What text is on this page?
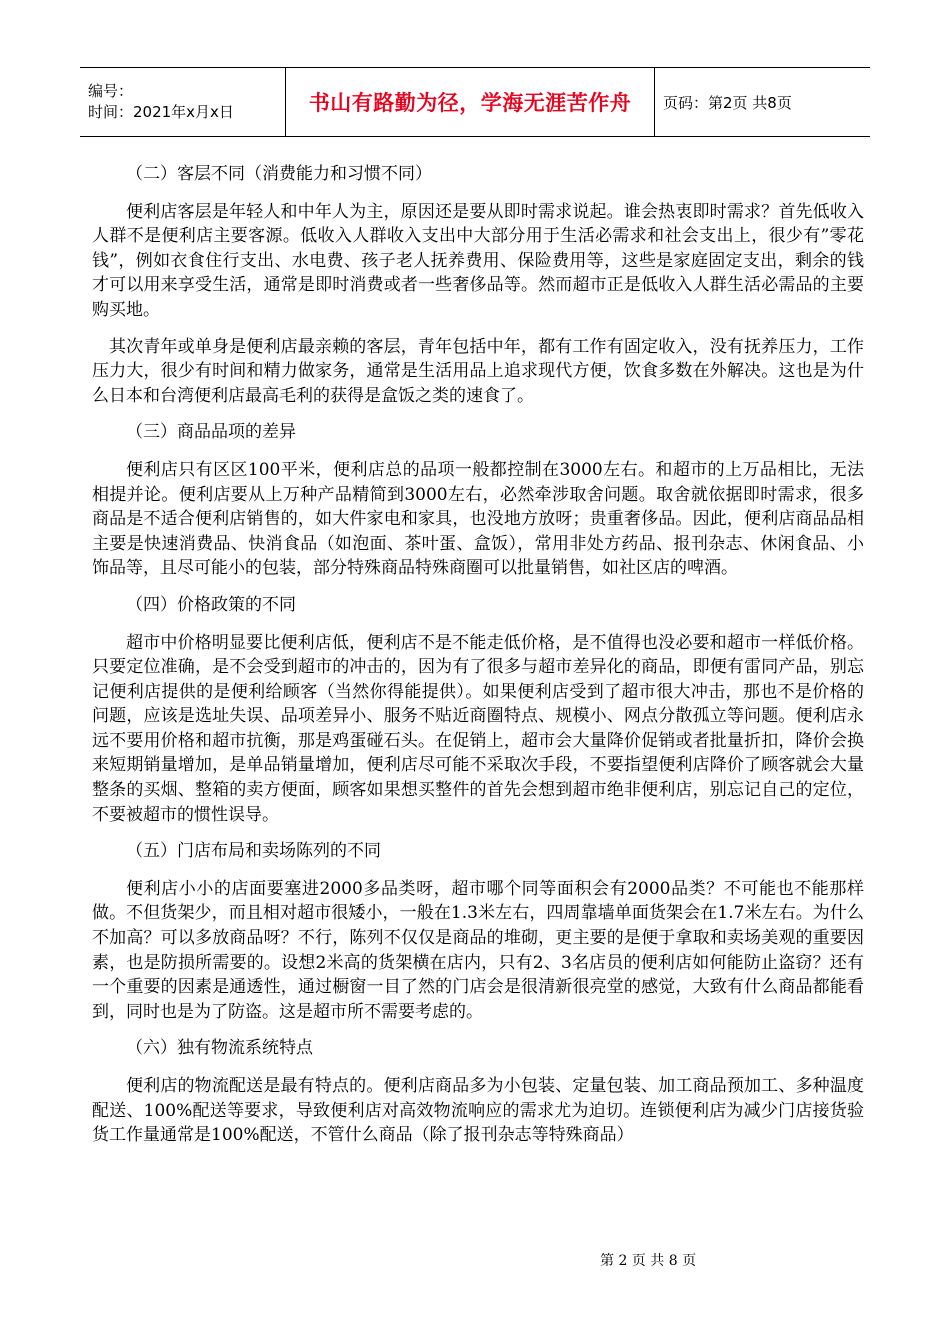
编号：
时间：2021年x月x日	书山有路勤为径，学海无涯苦作舟 页码：第2页 共8页

（二）客层不同（消费能力和习惯不同）

便利店客层是年轻人和中年人为主，原因还是要从即时需求说起。谁会热衷即时需求？首先低收入人群不是便利店主要客源。低收入人群收入支出中大部分用于生活必需求和社会支出上，很少有”零花钱”，例如衣食住行支出、水电费、孩子老人抚养费用、保险费用等，这些是家庭固定支出，剩余的钱才可以用来享受生活，通常是即时消费或者一些奢侈品等。然而超市正是低收入人群生活必需品的主要购买地。

其次青年或单身是便利店最亲赖的客层，青年包括中年，都有工作有固定收入，没有抚养压力，工作压力大，很少有时间和精力做家务，通常是生活用品上追求现代方便，饮食多数在外解决。这也是为什么日本和台湾便利店最高毛利的获得是盒饭之类的速食了。

（三）商品品项的差异

便利店只有区区100平米，便利店总的品项一般都控制在3000左右。和超市的上万品相比，无法相提并论。便利店要从上万种产品精简到3000左右，必然牵涉取舍问题。取舍就依据即时需求，很多商品是不适合便利店销售的，如大件家电和家具，也没地方放呀；贵重奢侈品。因此，便利店商品品相主要是快速消费品、快消食品（如泡面、茶叶蛋、盒饭），常用非处方药品、报刊杂志、休闲食品、小饰品等，且尽可能小的包装，部分特殊商品特殊商圈可以批量销售，如社区店的啤酒。

（四）价格政策的不同

超市中价格明显要比便利店低，便利店不是不能走低价格，是不值得也没必要和超市一样低价格。只要定位准确，是不会受到超市的冲击的，因为有了很多与超市差异化的商品，即便有雷同产品，别忘记便利店提供的是便利给顾客（当然你得能提供）。如果便利店受到了超市很大冲击，那也不是价格的问题，应该是选址失误、品项差异小、服务不贴近商圈特点、规模小、网点分散孤立等问题。便利店永远不要用价格和超市抗衡，那是鸡蛋碰石头。在促销上，超市会大量降价促销或者批量折扣，降价会换来短期销量增加，是单品销量增加，便利店尽可能不采取次手段，不要指望便利店降价了顾客就会大量整条的买烟、整箱的卖方便面，顾客如果想买整件的首先会想到超市绝非便利店，别忘记自己的定位，不要被超市的惯性误导。

（五）门店布局和卖场陈列的不同

便利店小小的店面要塞进2000多品类呀，超市哪个同等面积会有2000品类？不可能也不能那样做。不但货架少，而且相对超市很矮小，一般在1.3米左右，四周靠墙单面货架会在1.7米左右。为什么不加高？可以多放商品呀？不行，陈列不仅仅是商品的堆砌，更主要的是便于拿取和卖场美观的重要因素，也是防损所需要的。设想2米高的货架横在店内，只有2、3名店员的便利店如何能防止盗窃？还有一个重要的因素是通透性，通过橱窗一目了然的门店会是很清新很亮堂的感觉，大致有什么商品都能看到，同时也是为了防盗。这是超市所不需要考虑的。

（六）独有物流系统特点

便利店的物流配送是最有特点的。便利店商品多为小包装、定量包装、加工商品预加工、多种温度配送、100%配送等要求，导致便利店对高效物流响应的需求尤为迫切。连锁便利店为减少门店接货验货工作量通常是100%配送，不管什么商品（除了报刊杂志等特殊商品）

第 2 页 共 8 页
